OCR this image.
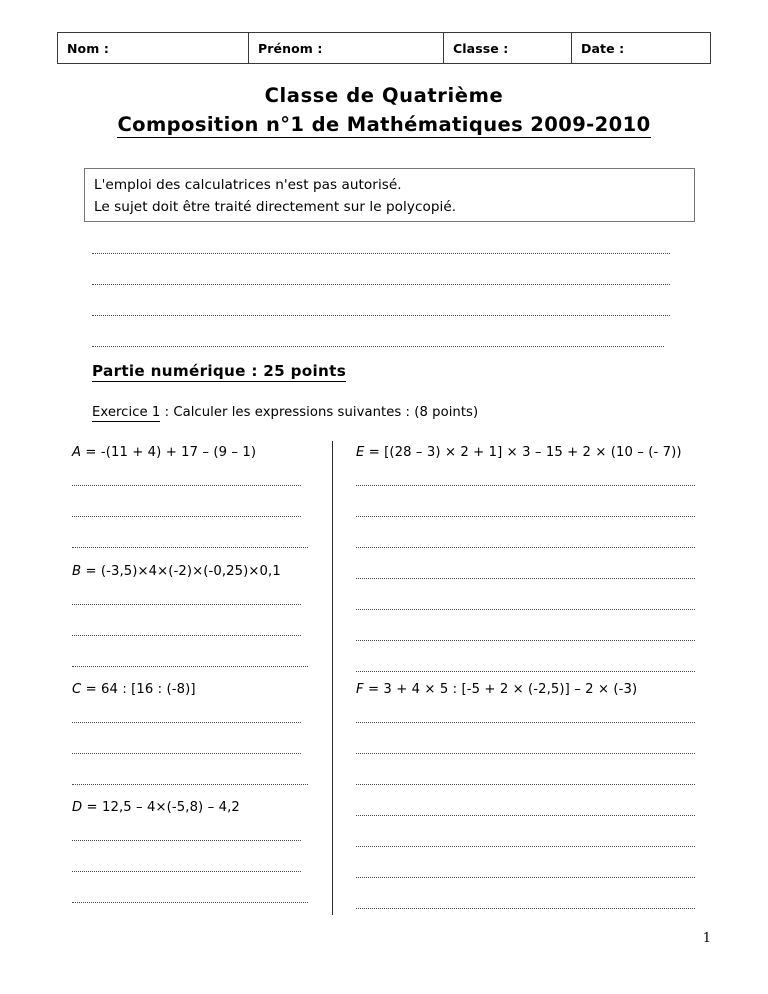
Nom :	Prénom :	Classe :	Date :
Classe de Quatrième
Composition n°1 de Mathématiques 2009-2010
L'emploi des calculatrices n'est pas autorisé.
Le sujet doit être traité directement sur le polycopié.
Partie numérique : 25 points
Exercice 1 : Calculer les expressions suivantes : (8 points)
A = -(11 + 4) + 17 – (9 – 1)
B = (-3,5)×4×(-2)×(-0,25)×0,1
C = 64 : [16 : (-8)]
D = 12,5 – 4×(-5,8) – 4,2
E = [(28 – 3) × 2 + 1] × 3 – 15 + 2 × (10 – (- 7))
F = 3 + 4 × 5 : [-5 + 2 × (-2,5)] – 2 × (-3)
1
